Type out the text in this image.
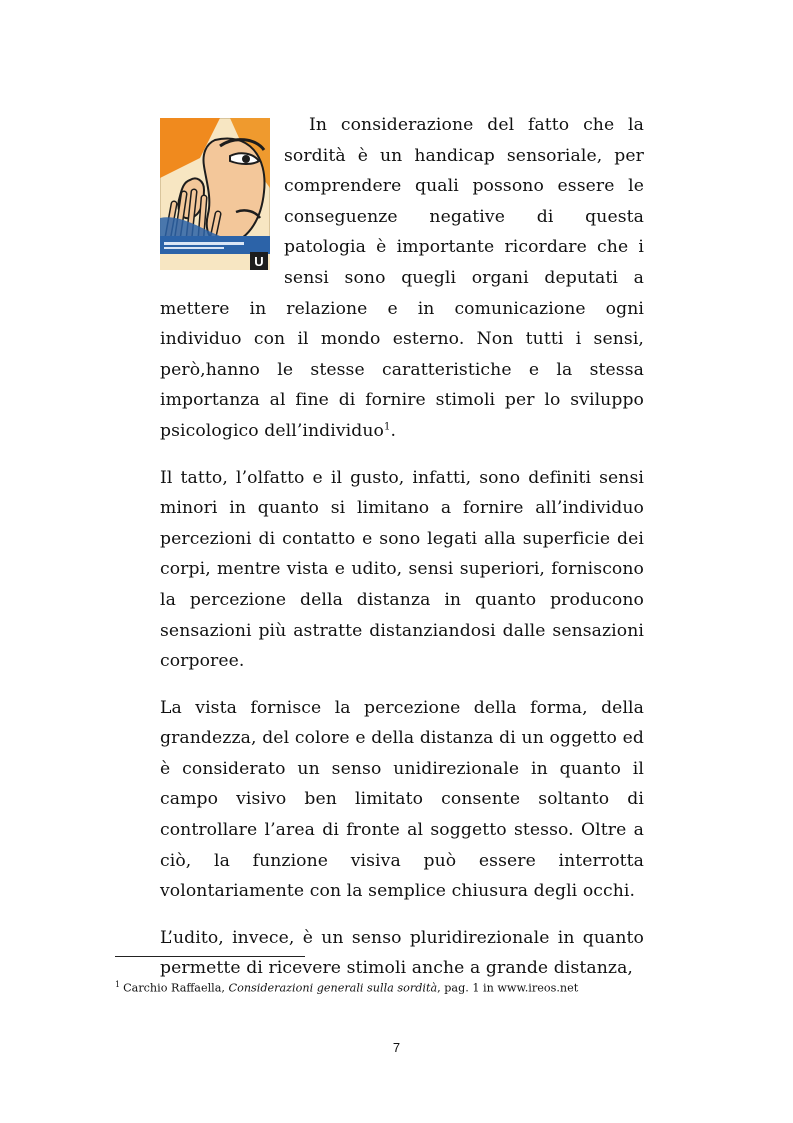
U
In considerazione del fatto che la sordità è un handicap sensoriale, per comprendere quali possono essere le conseguenze negative di questa patologia è importante ricordare che i sensi sono quegli organi deputati a mettere in relazione e in comunicazione ogni individuo con il mondo esterno. Non tutti i sensi, però,hanno le stesse caratteristiche e la stessa importanza al fine di fornire stimoli per lo sviluppo psicologico dell’individuo$^1$.

Il tatto, l’olfatto e il gusto, infatti, sono definiti sensi minori in quanto si limitano a fornire all’individuo percezioni di contatto e sono legati alla superficie dei corpi, mentre vista e udito, sensi superiori, forniscono la percezione della distanza in quanto producono sensazioni più astratte distanziandosi dalle sensazioni corporee.

La vista fornisce la percezione della forma, della grandezza, del colore e della distanza di un oggetto ed è considerato un senso unidirezionale in quanto il campo visivo ben limitato consente soltanto di controllare l’area di fronte al soggetto stesso. Oltre a ciò, la funzione visiva può essere interrotta volontariamente con la semplice chiusura degli occhi.

L’udito, invece, è un senso pluridirezionale in quanto permette di ricevere stimoli anche a grande distanza,

$^1$ Carchio Raffaella, Considerazioni generali sulla sordità, pag. 1 in www.ireos.net
7
